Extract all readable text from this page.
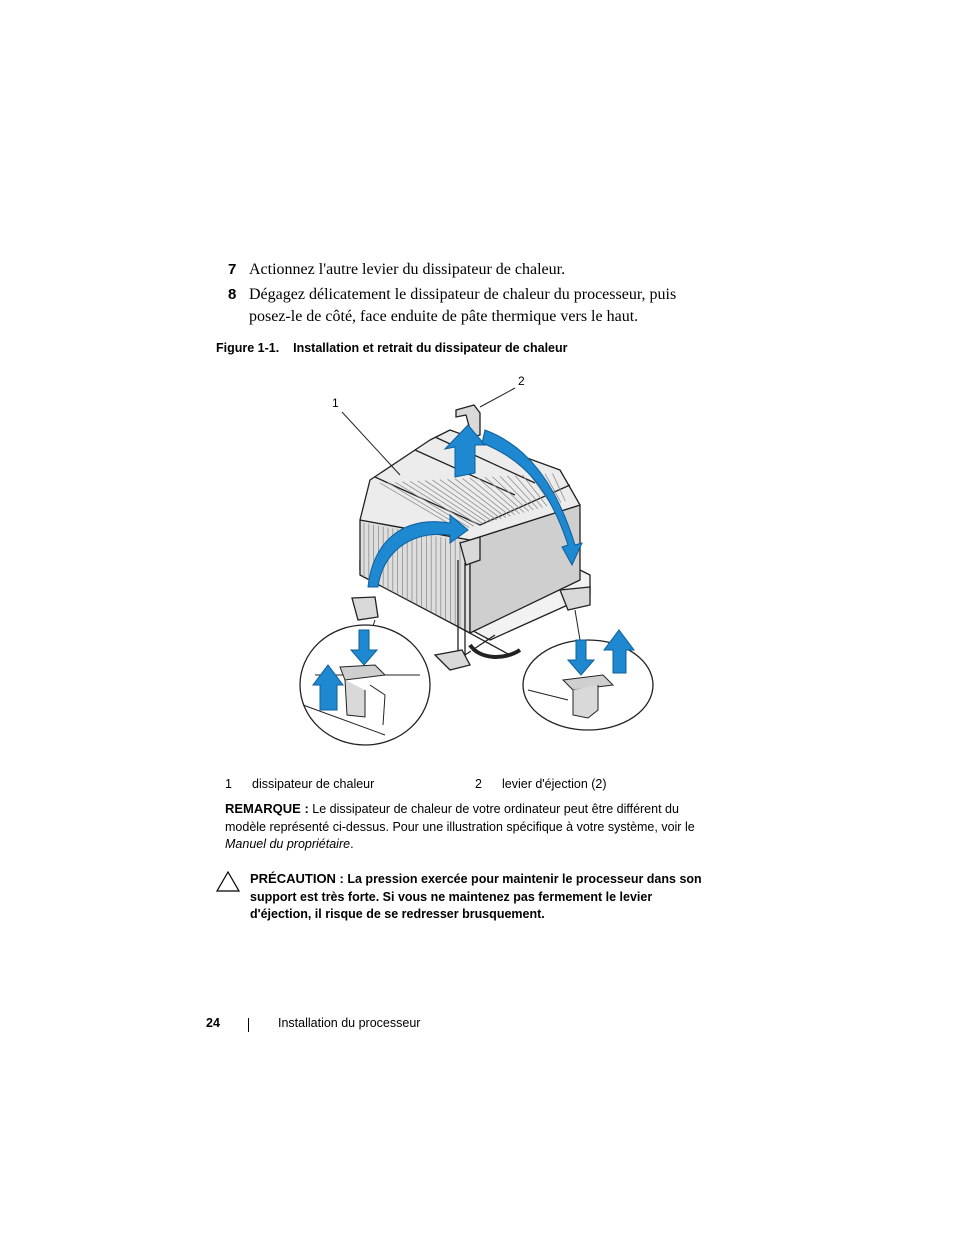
7 Actionnez l'autre levier du dissipateur de chaleur.
8 Dégagez délicatement le dissipateur de chaleur du processeur, puis posez-le de côté, face enduite de pâte thermique vers le haut.
Figure 1-1. Installation et retrait du dissipateur de chaleur
1
2
1 dissipateur de chaleur	2 levier d'éjection (2)
REMARQUE : Le dissipateur de chaleur de votre ordinateur peut être différent du modèle représenté ci-dessus. Pour une illustration spécifique à votre système, voir le Manuel du propriétaire.
PRÉCAUTION : La pression exercée pour maintenir le processeur dans son support est très forte. Si vous ne maintenez pas fermement le levier d'éjection, il risque de se redresser brusquement.
24	Installation du processeur
